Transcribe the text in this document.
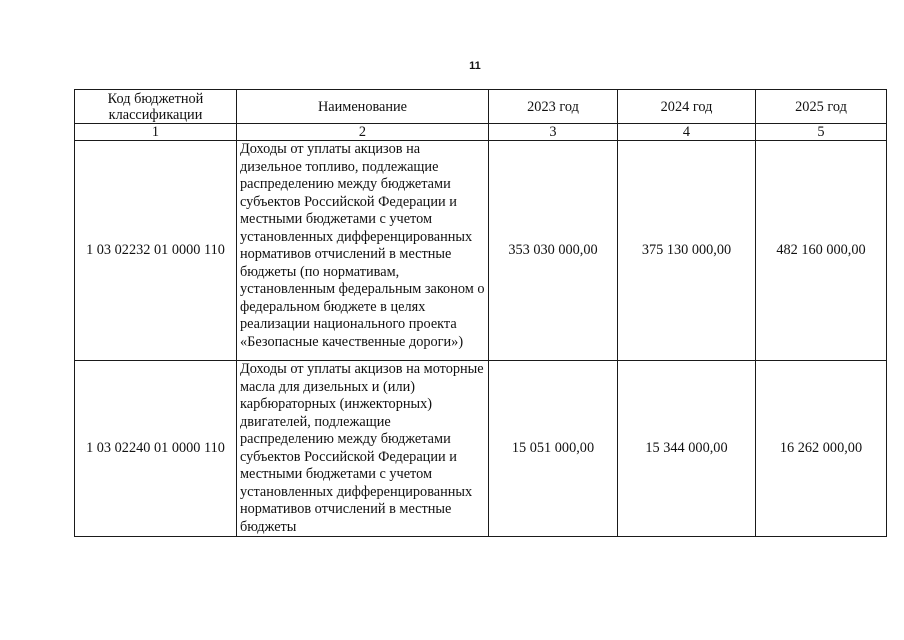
11
Код бюджетной классификации	Наименование	2023 год	2024 год	2025 год
1	2	3	4	5
1 03 02232 01 0000 110	Доходы от уплаты акцизов на дизельное топливо, подлежащие распределению между бюджетами субъектов Российской Федерации и местными бюджетами с учетом установленных дифференцированных нормативов отчислений в местные бюджеты (по нормативам, установленным федеральным законом о федеральном бюджете в целях реализации национального проекта «Безопасные качественные дороги»)	353 030 000,00	375 130 000,00	482 160 000,00
1 03 02240 01 0000 110	Доходы от уплаты акцизов на моторные масла для дизельных и (или) карбюраторных (инжекторных) двигателей, подлежащие распределению между бюджетами субъектов Российской Федерации и местными бюджетами с учетом установленных дифференцированных нормативов отчислений в местные бюджеты	15 051 000,00	15 344 000,00	16 262 000,00
